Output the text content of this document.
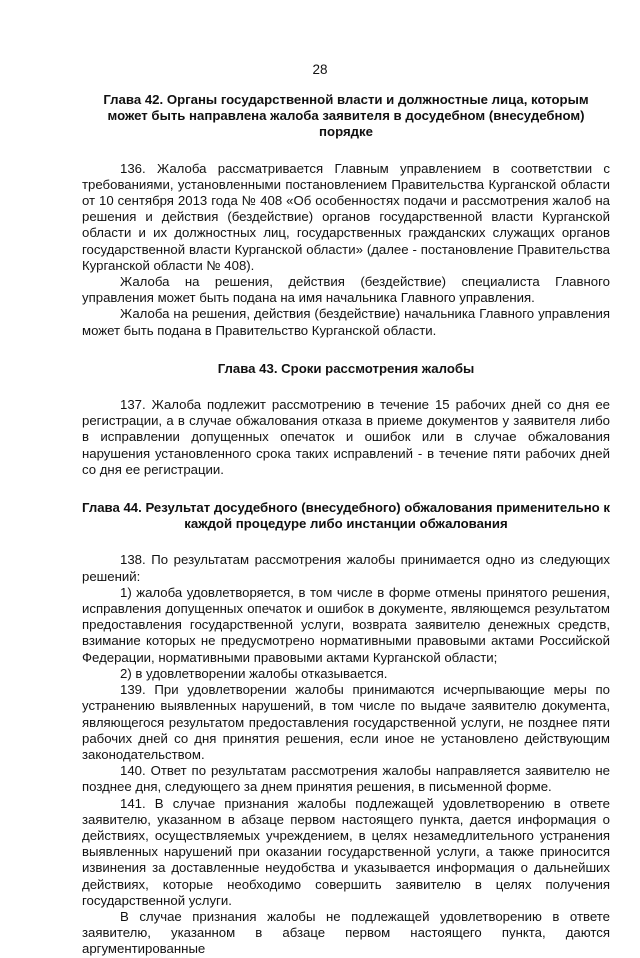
28
Глава 42. Органы государственной власти и должностные лица, которым может быть направлена жалоба заявителя в досудебном (внесудебном) порядке

136. Жалоба рассматривается Главным управлением в соответствии с требованиями, установленными постановлением Правительства Курганской области от 10 сентября 2013 года № 408 «Об особенностях подачи и рассмотрения жалоб на решения и действия (бездействие) органов государственной власти Курганской области и их должностных лиц, государственных гражданских служащих органов государственной власти Курганской области» (далее - постановление Правительства Курганской области № 408).

Жалоба на решения, действия (бездействие) специалиста Главного управления может быть подана на имя начальника Главного управления.

Жалоба на решения, действия (бездействие) начальника Главного управления может быть подана в Правительство Курганской области.

Глава 43. Сроки рассмотрения жалобы

137. Жалоба подлежит рассмотрению в течение 15 рабочих дней со дня ее регистрации, а в случае обжалования отказа в приеме документов у заявителя либо в исправлении допущенных опечаток и ошибок или в случае обжалования нарушения установленного срока таких исправлений - в течение пяти рабочих дней со дня ее регистрации.

Глава 44. Результат досудебного (внесудебного) обжалования применительно к каждой процедуре либо инстанции обжалования

138. По результатам рассмотрения жалобы принимается одно из следующих решений:

1) жалоба удовлетворяется, в том числе в форме отмены принятого решения, исправления допущенных опечаток и ошибок в документе, являющемся результатом предоставления государственной услуги, возврата заявителю денежных средств, взимание которых не предусмотрено нормативными правовыми актами Российской Федерации, нормативными правовыми актами Курганской области;

2) в удовлетворении жалобы отказывается.

139. При удовлетворении жалобы принимаются исчерпывающие меры по устранению выявленных нарушений, в том числе по выдаче заявителю документа, являющегося результатом предоставления государственной услуги, не позднее пяти рабочих дней со дня принятия решения, если иное не установлено действующим законодательством.

140. Ответ по результатам рассмотрения жалобы направляется заявителю не позднее дня, следующего за днем принятия решения, в письменной форме.

141. В случае признания жалобы подлежащей удовлетворению в ответе заявителю, указанном в абзаце первом настоящего пункта, дается информация о действиях, осуществляемых учреждением, в целях незамедлительного устранения выявленных нарушений при оказании государственной услуги, а также приносится извинения за доставленные неудобства и указывается информация о дальнейших действиях, которые необходимо совершить заявителю в целях получения государственной услуги.

В случае признания жалобы не подлежащей удовлетворению в ответе заявителю, указанном в абзаце первом настоящего пункта, даются аргументированные
